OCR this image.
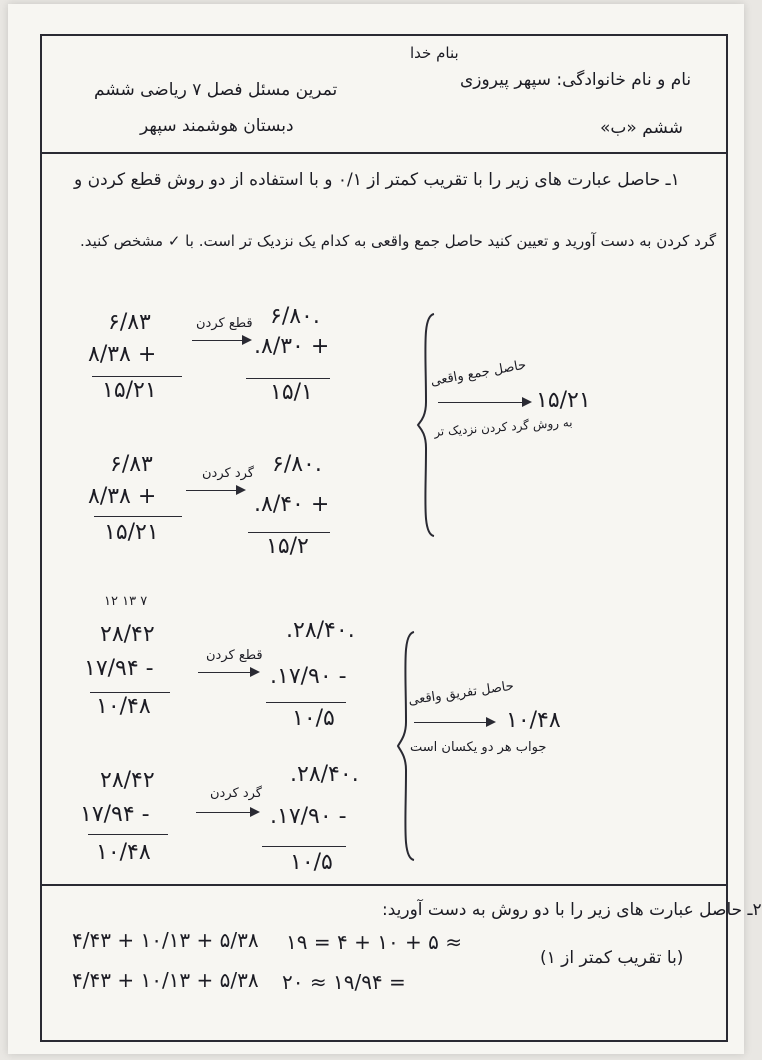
بنام خدا
نام و نام خانوادگی: سپهر پیروزی
ششم «ب»
تمرین مسئل فصل ۷ ریاضی ششم
دبستان هوشمند سپهر
۱ـ حاصل عبارت های زیر را با تقریب کمتر از ۰/۱ و با استفاده از دو روش قطع کردن و
گرد کردن به دست آورید و تعیین کنید حاصل جمع واقعی به کدام یک نزدیک تر است. با ✓ مشخص کنید.
۶/۸۳
+ ۸/۳۸
۱۵/۲۱
قطع کردن .۶/۸۰
+ ۸/۳۰.
۱۵/۱
۶/۸۳
+ ۸/۳۸
۱۵/۲۱
گرد کردن .۶/۸۰
+ ۸/۴۰.
۱۵/۲
حاصل جمع واقعی
۱۵/۲۱
به روش گرد کردن نزدیک تر
۷ ۱۳ ۱۲
۲۸/۴۲
- ۱۷/۹۴
۱۰/۴۸
قطع کردن
.۲۸/۴۰.
- ۱۷/۹۰.
۱۰/۵
۲۸/۴۲
- ۱۷/۹۴
۱۰/۴۸
گرد کردن
.۲۸/۴۰.
- ۱۷/۹۰.
۱۰/۵
حاصل تفریق واقعی
۱۰/۴۸
جواب هر دو یکسان است
۲ـ حاصل عبارت های زیر را با دو روش به دست آورید:
۵/۳۸ + ۱۰/۱۳ + ۴/۴۳ ≈ ۵ + ۱۰ + ۴ = ۱۹
(با تقریب کمتر از ۱)
۵/۳۸ + ۱۰/۱۳ + ۴/۴۳ = ۱۹/۹۴ ≈ ۲۰
